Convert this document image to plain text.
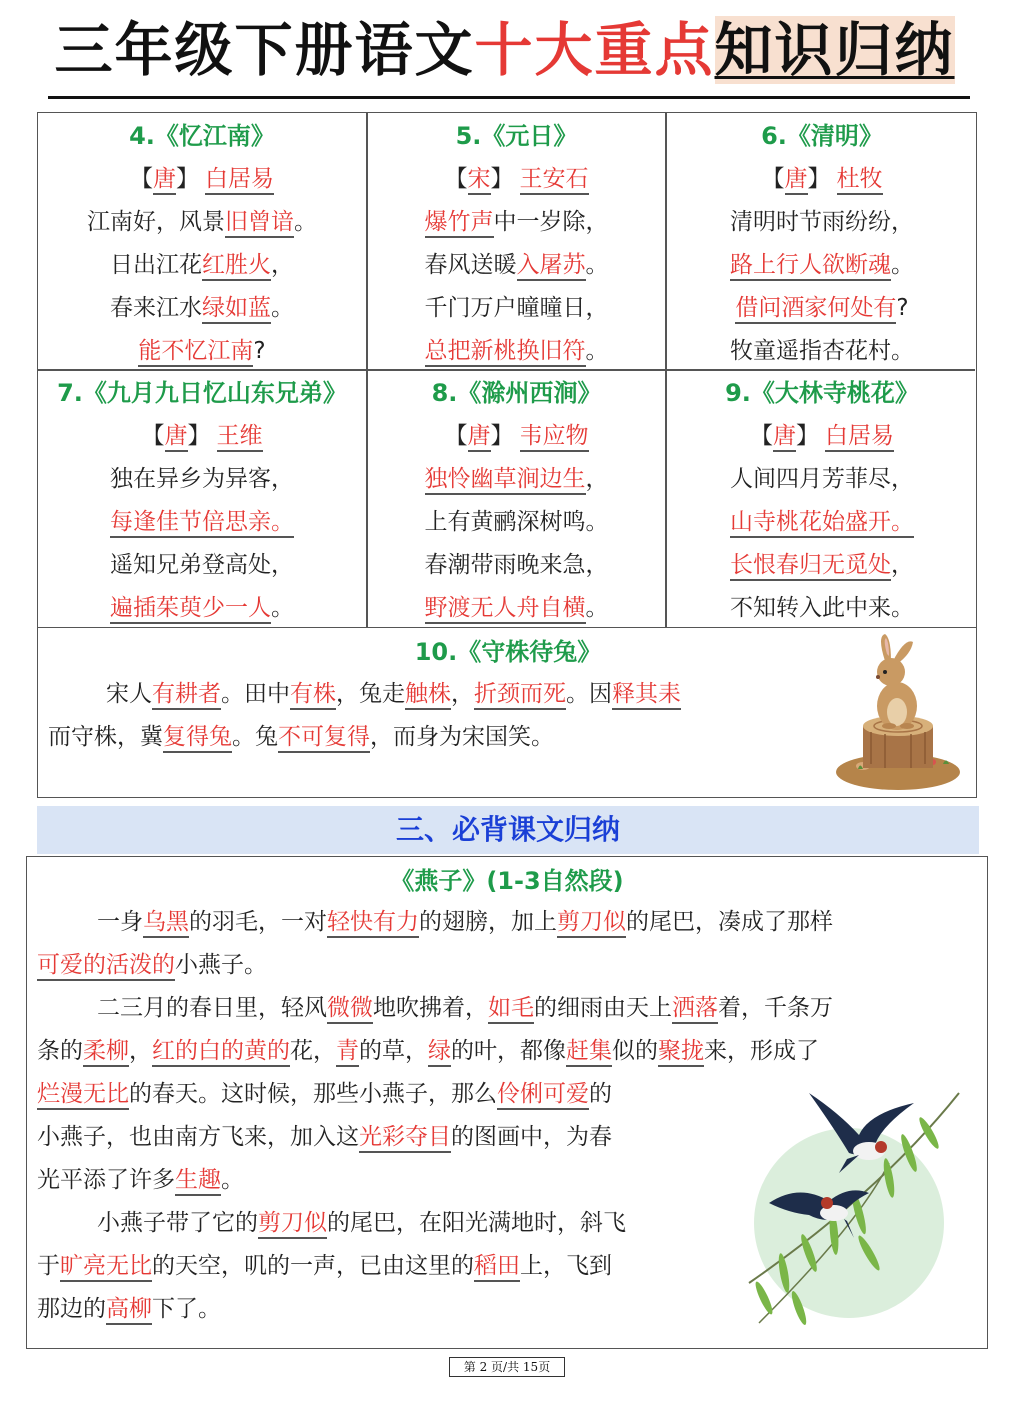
三年级下册语文十大重点知识归纳
4.《忆江南》
【唐】 白居易
江南好，风景旧曾谙。
日出江花红胜火，
春来江水绿如蓝。
能不忆江南?
5.《元日》
【宋】 王安石
爆竹声中一岁除，
春风送暖入屠苏。
千门万户曈曈日，
总把新桃换旧符。
6.《清明》
【唐】 杜牧
清明时节雨纷纷，
路上行人欲断魂。
借问酒家何处有?
牧童遥指杏花村。
7.《九月九日忆山东兄弟》
【唐】 王维
独在异乡为异客，
每逢佳节倍思亲。
遥知兄弟登高处，
遍插茱萸少一人。
8.《滁州西涧》
【唐】 韦应物
独怜幽草涧边生，
上有黄鹂深树鸣。
春潮带雨晚来急，
野渡无人舟自横。
9.《大林寺桃花》
【唐】 白居易
人间四月芳菲尽，
山寺桃花始盛开。
长恨春归无觅处，
不知转入此中来。
10.《守株待兔》
宋人有耕者。田中有株，兔走触株，折颈而死。因释其耒
而守株，冀复得兔。兔不可复得，而身为宋国笑。
三、必背课文归纳
《燕子》(1-3自然段)
一身乌黑的羽毛，一对轻快有力的翅膀，加上剪刀似的尾巴，凑成了那样
可爱的活泼的小燕子。
二三月的春日里，轻风微微地吹拂着，如毛的细雨由天上洒落着，千条万
条的柔柳，红的白的黄的花，青的草，绿的叶，都像赶集似的聚拢来，形成了
烂漫无比的春天。这时候，那些小燕子，那么伶俐可爱的
小燕子，也由南方飞来，加入这光彩夺目的图画中，为春
光平添了许多生趣。
小燕子带了它的剪刀似的尾巴，在阳光满地时，斜飞
于旷亮无比的天空，叽的一声，已由这里的稻田上，飞到
那边的高柳下了。
第 2 页/共 15页
